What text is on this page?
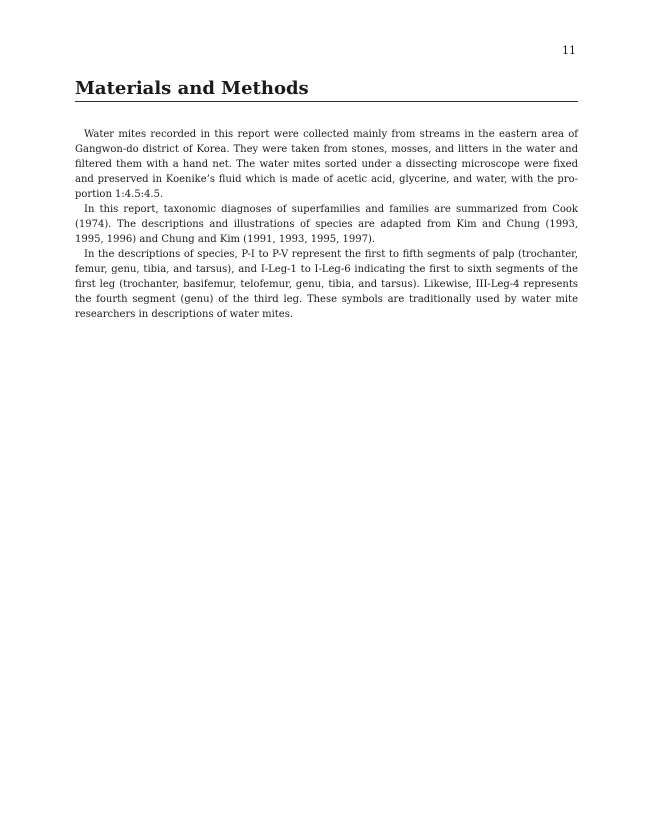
11
Materials and Methods

Water mites recorded in this report were collected mainly from streams in the eastern area of Gangwon-do district of Korea. They were taken from stones, mosses, and litters in the water and filtered them with a hand net. The water mites sorted under a dissecting microscope were fixed and preserved in Koenike’s fluid which is made of acetic acid, glycerine, and water, with the pro-portion 1:4.5:4.5.

In this report, taxonomic diagnoses of superfamilies and families are summarized from Cook (1974). The descriptions and illustrations of species are adapted from Kim and Chung (1993, 1995, 1996) and Chung and Kim (1991, 1993, 1995, 1997).

In the descriptions of species, P-I to P-V represent the first to fifth segments of palp (trochanter, femur, genu, tibia, and tarsus), and I-Leg-1 to I-Leg-6 indicating the first to sixth segments of the first leg (trochanter, basifemur, telofemur, genu, tibia, and tarsus). Likewise, III-Leg-4 represents the fourth segment (genu) of the third leg. These symbols are traditionally used by water mite researchers in descriptions of water mites.
